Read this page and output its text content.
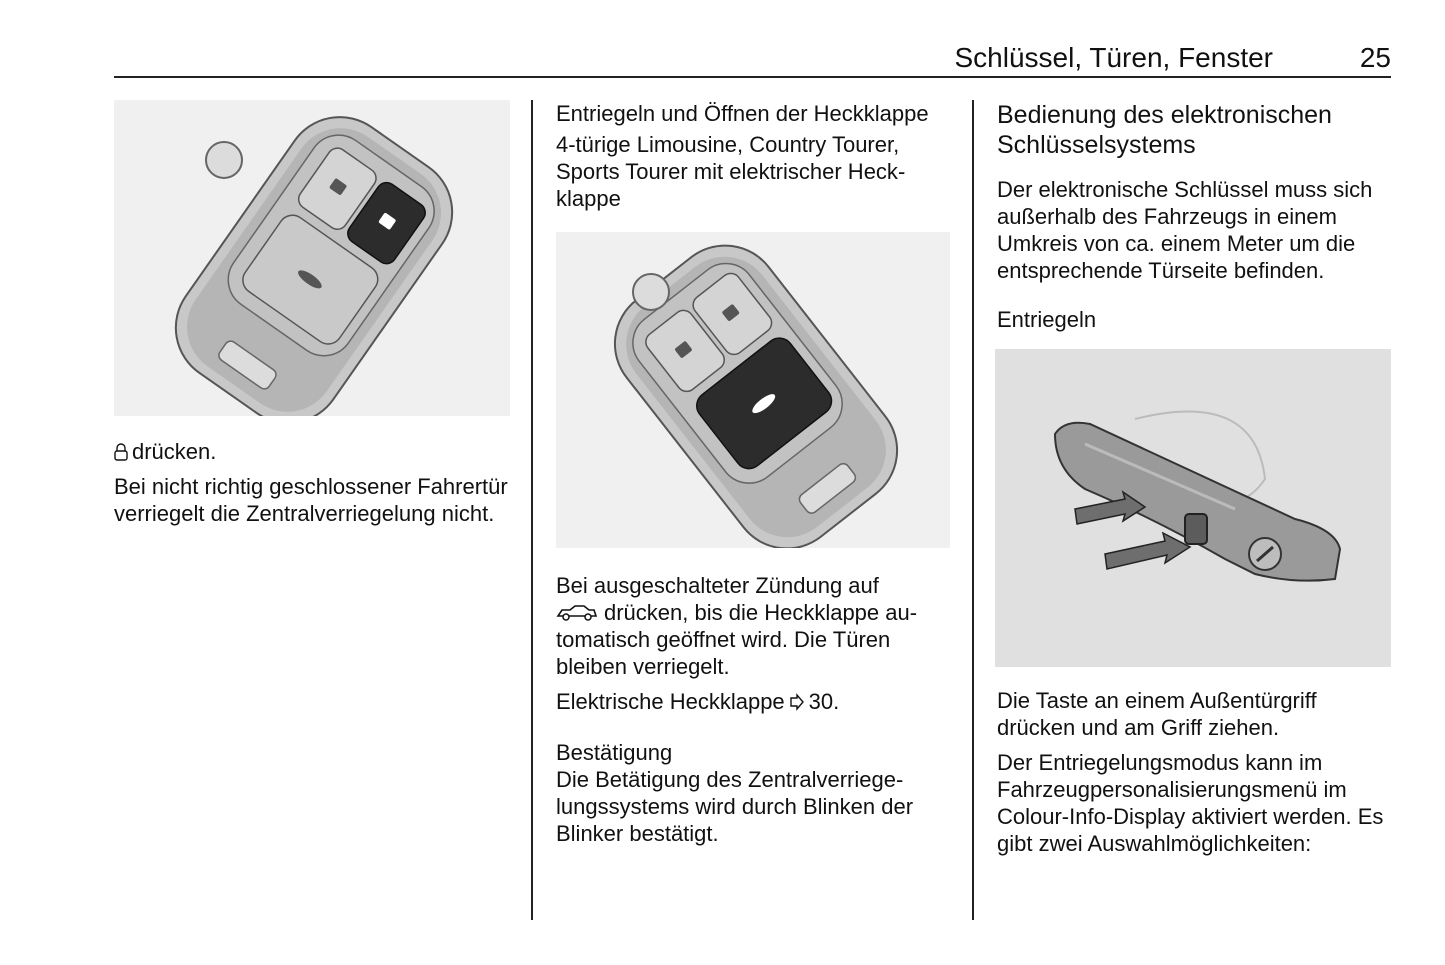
Schlüssel, Türen, Fenster	25

drücken.

Bei nicht richtig geschlossener Fahrertür verriegelt die Zentralverriegelung nicht.

Entriegeln und Öffnen der Heckklappe

4-türige Limousine, Country Tourer, Sports Tourer mit elektrischer Heckklappe

Bei ausgeschalteter Zündung auf
drücken, bis die Heckklappe automatisch geöffnet wird. Die Türen bleiben verriegelt.

Elektrische Heckklappe 30.

Bestätigung

Die Betätigung des Zentralverriegelungssystems wird durch Blinken der Blinker bestätigt.

Bedienung des elektronischen Schlüsselsystems

Der elektronische Schlüssel muss sich außerhalb des Fahrzeugs in einem Umkreis von ca. einem Meter um die entsprechende Türseite befinden.

Entriegeln

Die Taste an einem Außentürgriff drücken und am Griff ziehen.

Der Entriegelungsmodus kann im Fahrzeugpersonalisierungsmenü im Colour-Info-Display aktiviert werden. Es gibt zwei Auswahlmöglichkeiten:
